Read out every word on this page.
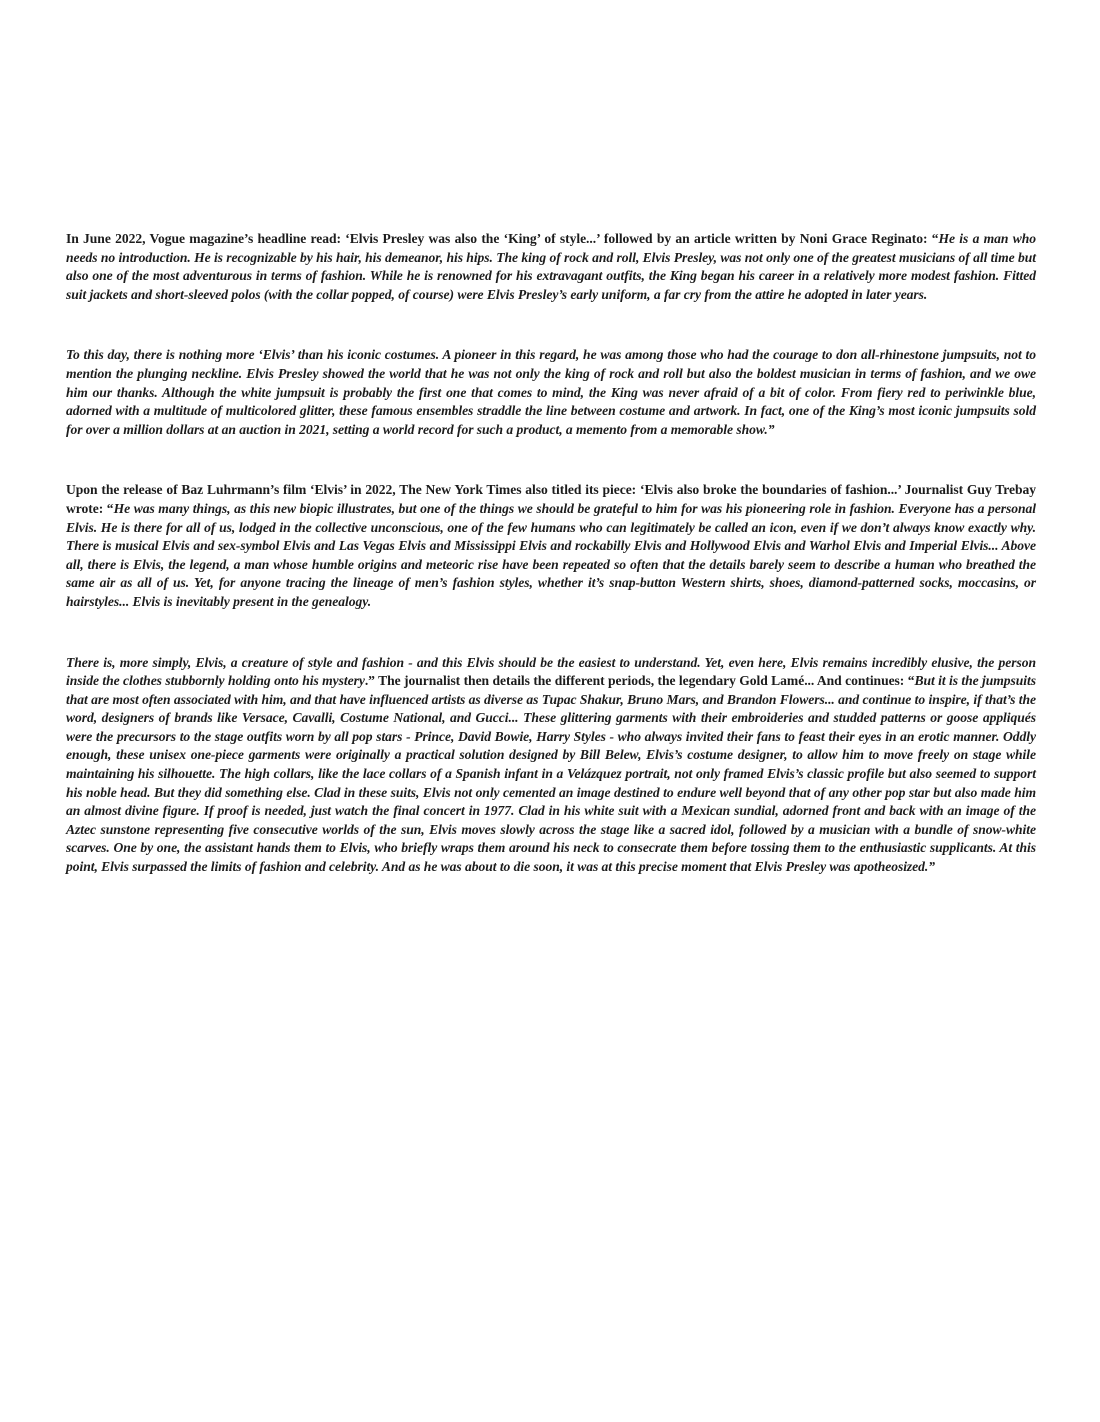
In June 2022, Vogue magazine’s headline read: ‘Elvis Presley was also the ‘King’ of style...’ followed by an article written by Noni Grace Reginato: “He is a man who needs no introduction. He is recognizable by his hair, his demeanor, his hips. The king of rock and roll, Elvis Presley, was not only one of the greatest musicians of all time but also one of the most adventurous in terms of fashion. While he is renowned for his extravagant outfits, the King began his career in a relatively more modest fashion. Fitted suit jackets and short-sleeved polos (with the collar popped, of course) were Elvis Presley’s early uniform, a far cry from the attire he adopted in later years.

To this day, there is nothing more ‘Elvis’ than his iconic costumes. A pioneer in this regard, he was among those who had the courage to don all-rhinestone jumpsuits, not to mention the plunging neckline. Elvis Presley showed the world that he was not only the king of rock and roll but also the boldest musician in terms of fashion, and we owe him our thanks. Although the white jumpsuit is probably the first one that comes to mind, the King was never afraid of a bit of color. From fiery red to periwinkle blue, adorned with a multitude of multicolored glitter, these famous ensembles straddle the line between costume and artwork. In fact, one of the King’s most iconic jumpsuits sold for over a million dollars at an auction in 2021, setting a world record for such a product, a memento from a memorable show.”

Upon the release of Baz Luhrmann’s film ‘Elvis’ in 2022, The New York Times also titled its piece: ‘Elvis also broke the boundaries of fashion...’ Journalist Guy Trebay wrote: “He was many things, as this new biopic illustrates, but one of the things we should be grateful to him for was his pioneering role in fashion. Everyone has a personal Elvis. He is there for all of us, lodged in the collective unconscious, one of the few humans who can legitimately be called an icon, even if we don’t always know exactly why. There is musical Elvis and sex-symbol Elvis and Las Vegas Elvis and Mississippi Elvis and rockabilly Elvis and Hollywood Elvis and Warhol Elvis and Imperial Elvis... Above all, there is Elvis, the legend, a man whose humble origins and meteoric rise have been repeated so often that the details barely seem to describe a human who breathed the same air as all of us. Yet, for anyone tracing the lineage of men’s fashion styles, whether it’s snap-button Western shirts, shoes, diamond-patterned socks, moccasins, or hairstyles... Elvis is inevitably present in the genealogy.

There is, more simply, Elvis, a creature of style and fashion - and this Elvis should be the easiest to understand. Yet, even here, Elvis remains incredibly elusive, the person inside the clothes stubbornly holding onto his mystery.” The journalist then details the different periods, the legendary Gold Lamé... And continues: “But it is the jumpsuits that are most often associated with him, and that have influenced artists as diverse as Tupac Shakur, Bruno Mars, and Brandon Flowers... and continue to inspire, if that’s the word, designers of brands like Versace, Cavalli, Costume National, and Gucci... These glittering garments with their embroideries and studded patterns or goose appliqués were the precursors to the stage outfits worn by all pop stars - Prince, David Bowie, Harry Styles - who always invited their fans to feast their eyes in an erotic manner. Oddly enough, these unisex one-piece garments were originally a practical solution designed by Bill Belew, Elvis’s costume designer, to allow him to move freely on stage while maintaining his silhouette. The high collars, like the lace collars of a Spanish infant in a Velázquez portrait, not only framed Elvis’s classic profile but also seemed to support his noble head. But they did something else. Clad in these suits, Elvis not only cemented an image destined to endure well beyond that of any other pop star but also made him an almost divine figure. If proof is needed, just watch the final concert in 1977. Clad in his white suit with a Mexican sundial, adorned front and back with an image of the Aztec sunstone representing five consecutive worlds of the sun, Elvis moves slowly across the stage like a sacred idol, followed by a musician with a bundle of snow-white scarves. One by one, the assistant hands them to Elvis, who briefly wraps them around his neck to consecrate them before tossing them to the enthusiastic supplicants. At this point, Elvis surpassed the limits of fashion and celebrity. And as he was about to die soon, it was at this precise moment that Elvis Presley was apotheosized.”
